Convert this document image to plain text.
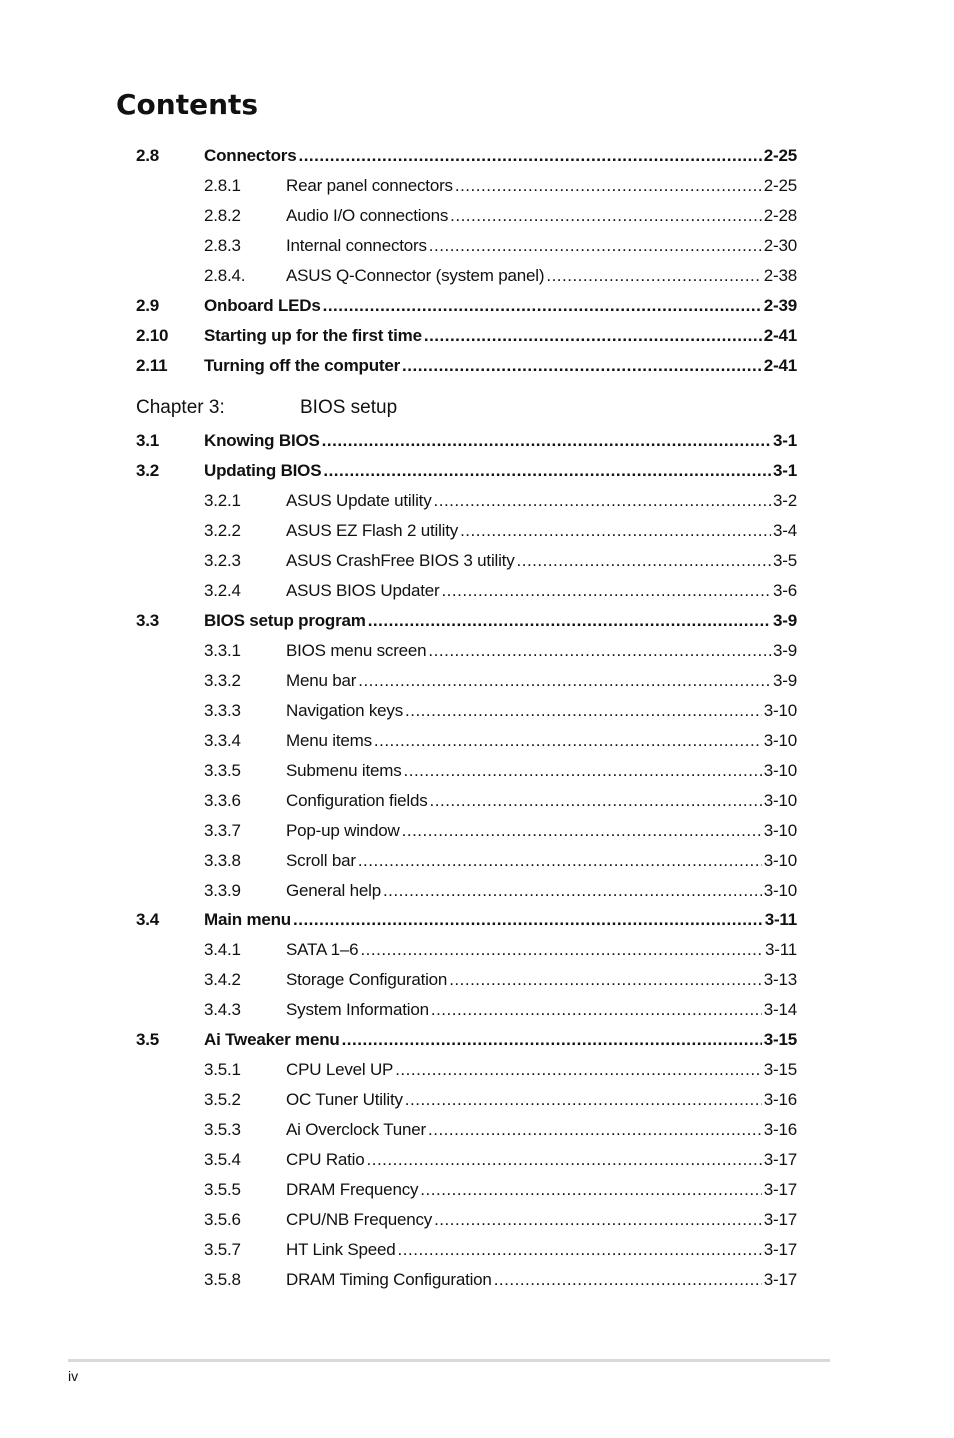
Contents
2.8	Connectors .....	2-25
2.8.1	Rear panel connectors .....	2-25
2.8.2	Audio I/O connections .....	2-28
2.8.3	Internal connectors .....	2-30
2.8.4. ASUS Q-Connector (system panel) .....	2-38
2.9	Onboard LEDs .....	2-39
2.10 Starting up for the first time .....	2-41
2.11 Turning off the computer .....	2-41
Chapter 3:	BIOS setup
3.1	Knowing BIOS .....	3-1
3.2	Updating BIOS .....	3-1
3.2.1	ASUS Update utility .....	3-2
3.2.2	ASUS EZ Flash 2 utility .....	3-4
3.2.3	ASUS CrashFree BIOS 3 utility .....	3-5
3.2.4	ASUS BIOS Updater .....	3-6
3.3	BIOS setup program .....	3-9
3.3.1	BIOS menu screen .....	3-9
3.3.2	Menu bar .....	3-9
3.3.3	Navigation keys .....	3-10
3.3.4	Menu items .....	3-10
3.3.5	Submenu items .....	3-10
3.3.6	Configuration fields .....	3-10
3.3.7	Pop-up window .....	3-10
3.3.8	Scroll bar .....	3-10
3.3.9	General help .....	3-10
3.4	Main menu .....	3-11
3.4.1	SATA 1–6 .....	3-11
3.4.2	Storage Configuration .....	3-13
3.4.3	System Information .....	3-14
3.5	Ai Tweaker menu .....	3-15
3.5.1	CPU Level UP .....	3-15
3.5.2	OC Tuner Utility .....	3-16
3.5.3	Ai Overclock Tuner .....	3-16
3.5.4	CPU Ratio .....	3-17
3.5.5	DRAM Frequency .....	3-17
3.5.6	CPU/NB Frequency .....	3-17
3.5.7	HT Link Speed .....	3-17
3.5.8	DRAM Timing Configuration .....	3-17
iv
